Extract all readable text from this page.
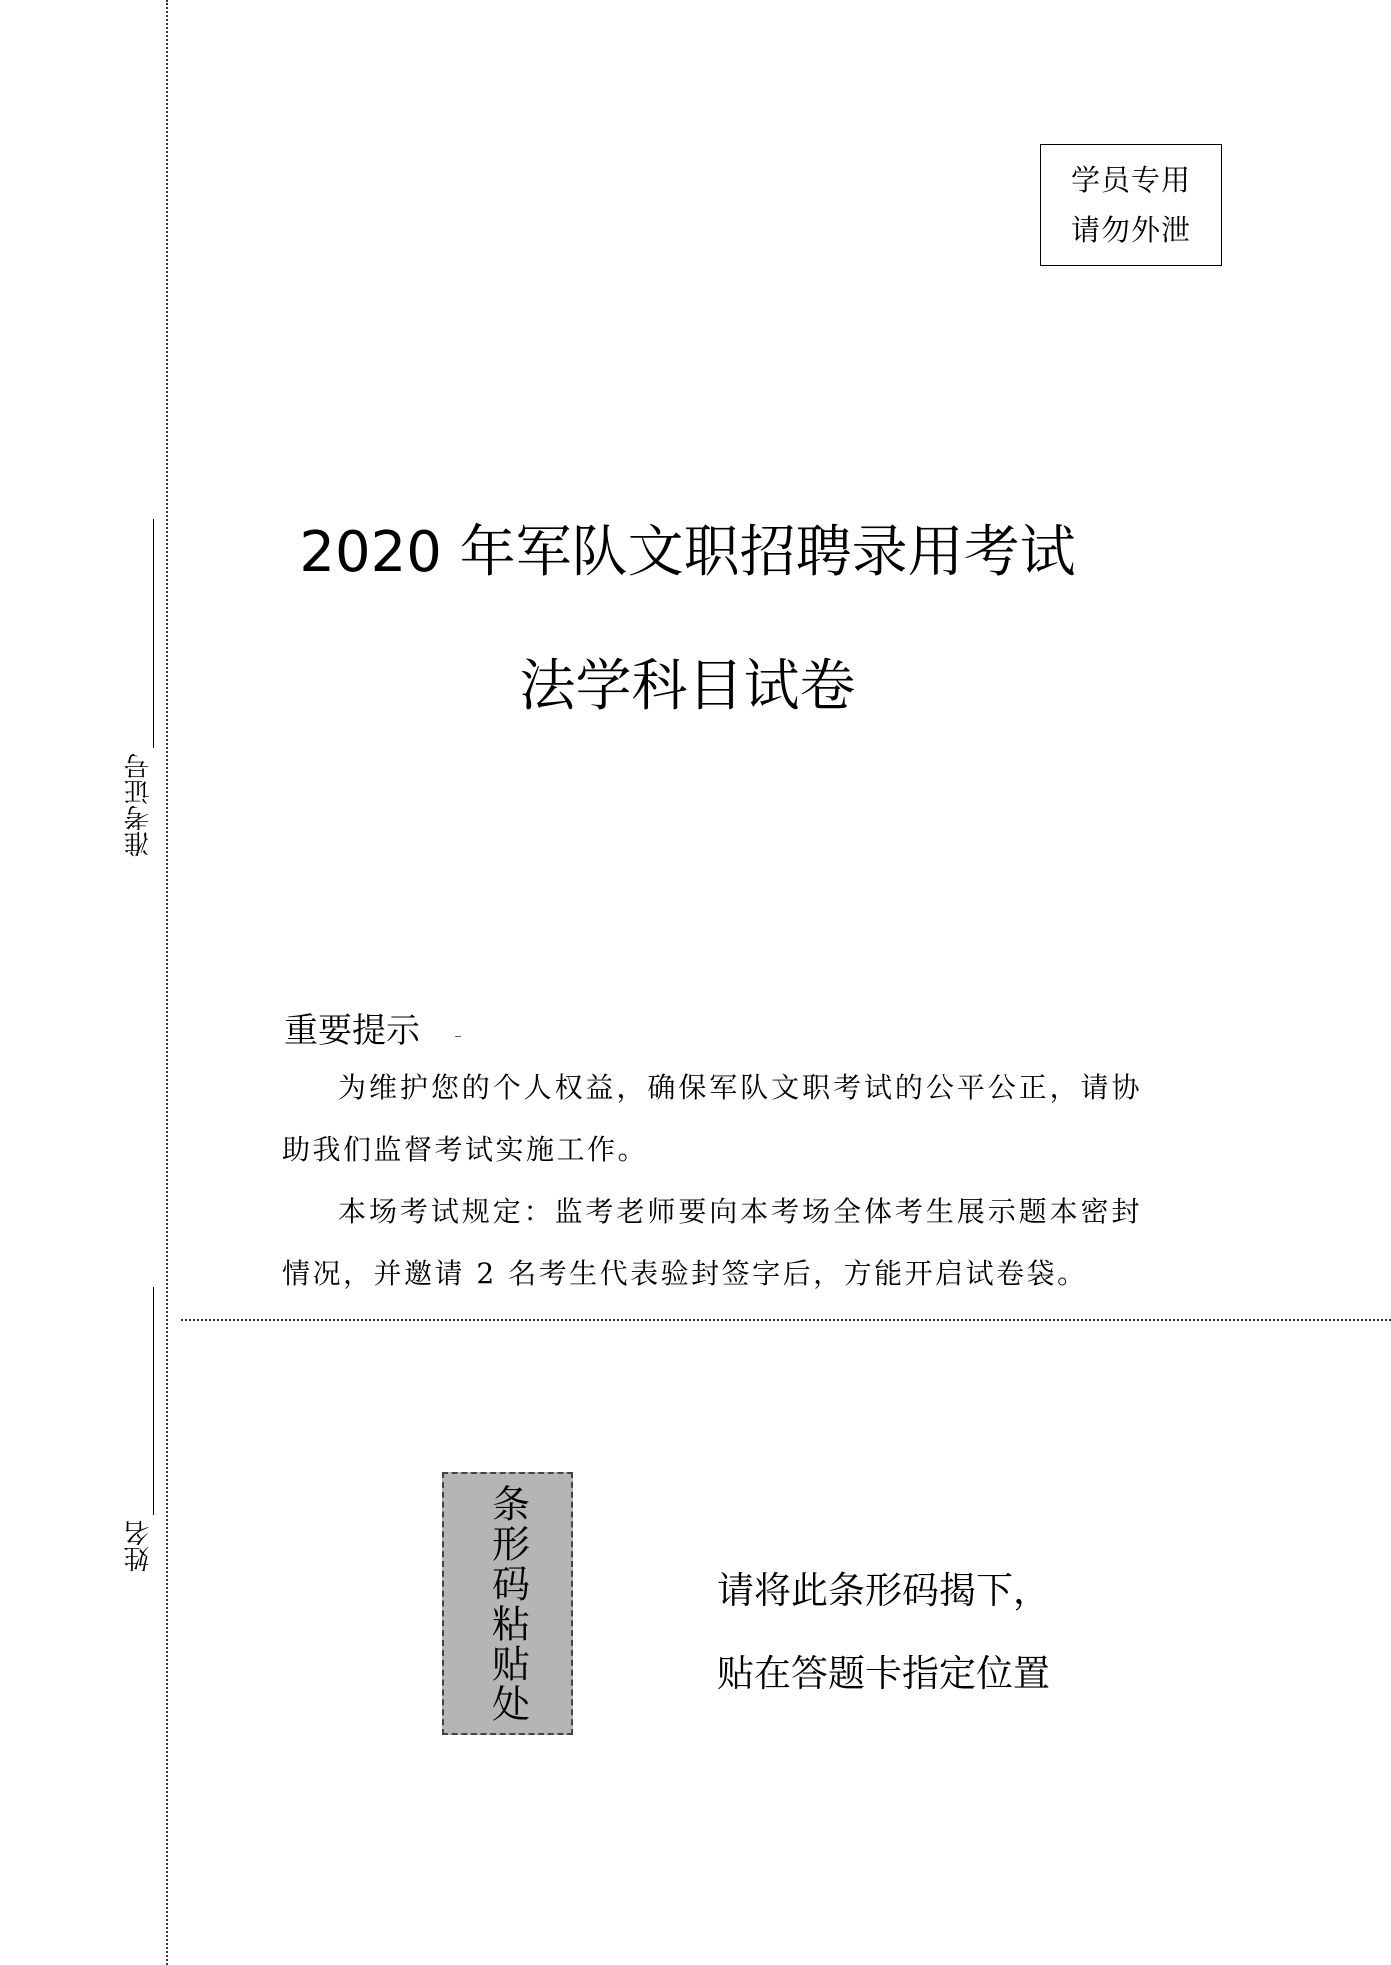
准考证号
姓名
学员专用
请勿外泄
2020 年军队文职招聘录用考试
法学科目试卷
重要提示
为维护您的个人权益，确保军队文职考试的公平公正，请协助我们监督考试实施工作。
本场考试规定：监考老师要向本考场全体考生展示题本密封情况，并邀请 2 名考生代表验封签字后，方能开启试卷袋。
条形码粘贴处	请将此条形码揭下，
贴在答题卡指定位置
